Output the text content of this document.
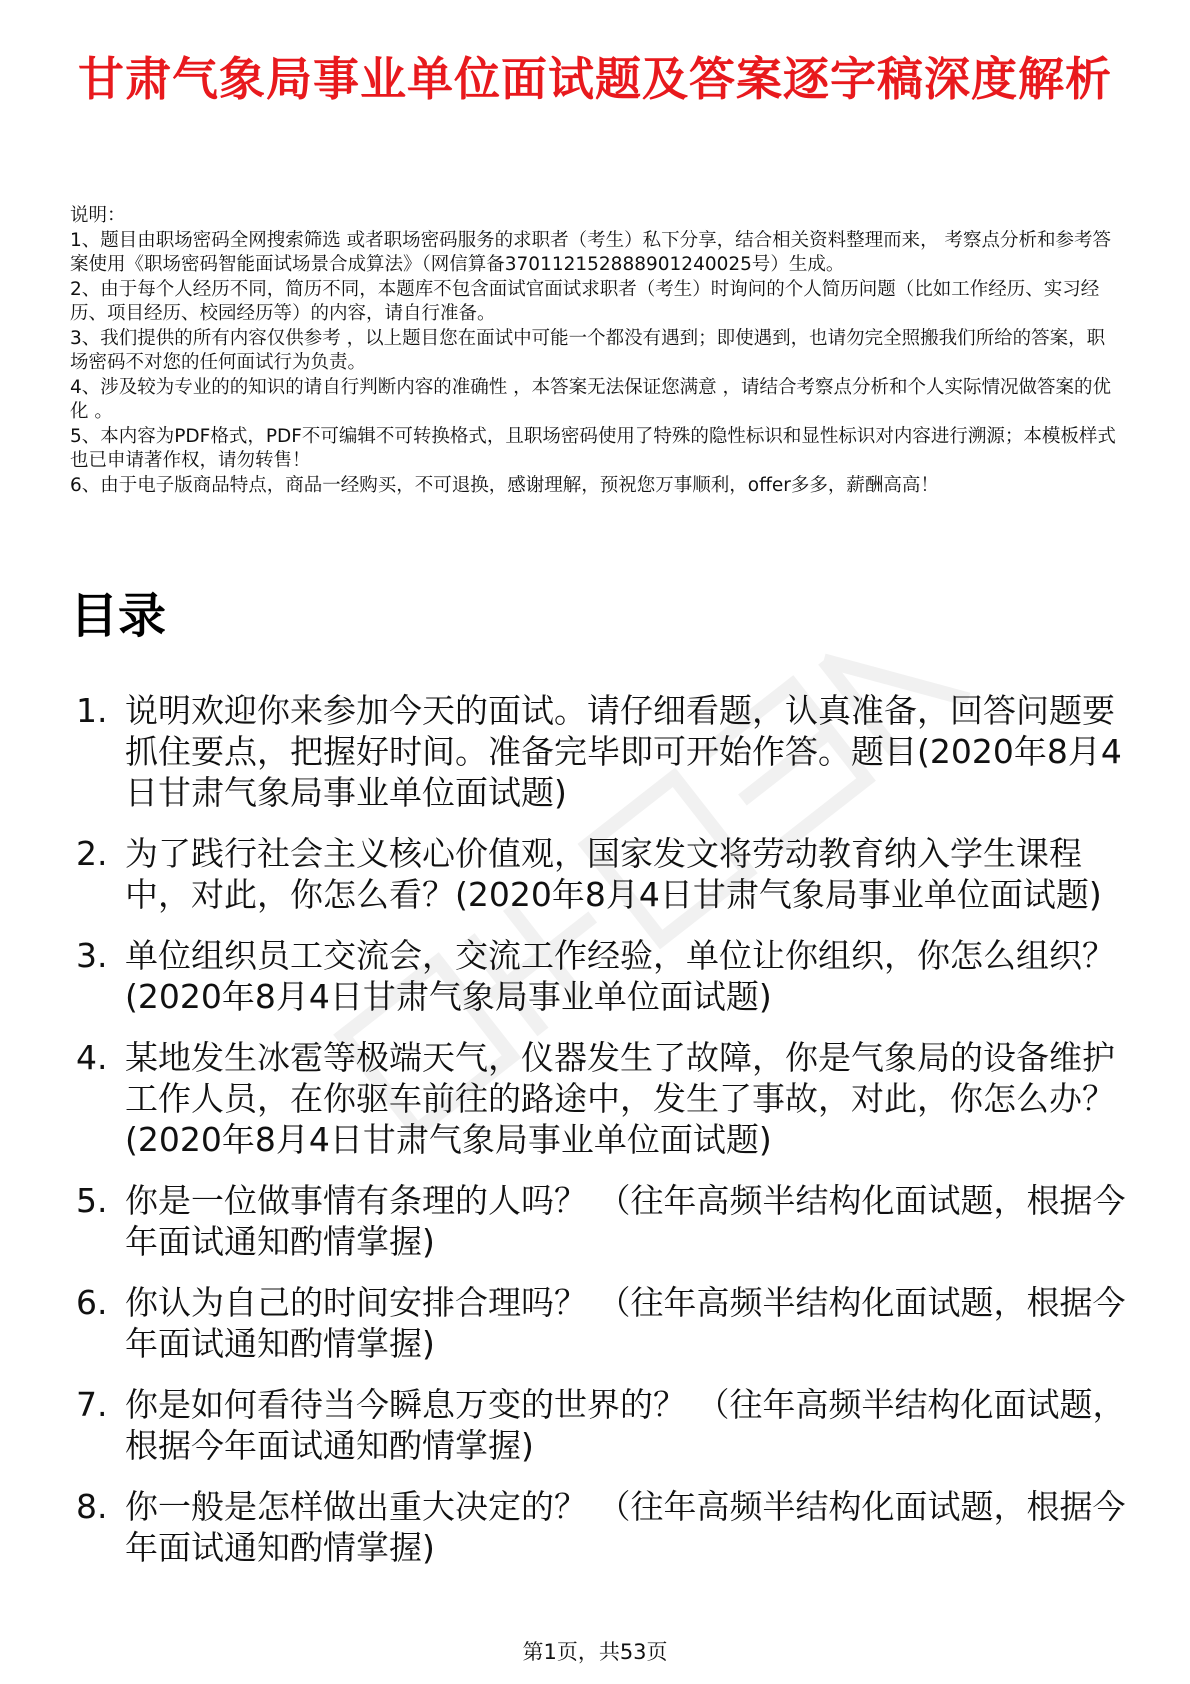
甘肃气象局事业单位面试题及答案逐字稿深度解析

说明：

1、题目由职场密码全网搜索筛选 或者职场密码服务的求职者（考生）私下分享，结合相关资料整理而来， 考察点分析和参考答案使用《职场密码智能面试场景合成算法》（网信算备370112152888901240025号）生成。

2、由于每个人经历不同，简历不同，本题库不包含面试官面试求职者（考生）时询问的个人简历问题（比如工作经历、实习经历、项目经历、校园经历等）的内容，请自行准备。

3、我们提供的所有内容仅供参考 ，以上题目您在面试中可能一个都没有遇到；即使遇到，也请勿完全照搬我们所给的答案，职场密码不对您的任何面试行为负责。

4、涉及较为专业的的知识的请自行判断内容的准确性 ，本答案无法保证您满意 ，请结合考察点分析和个人实际情况做答案的优化 。

5、本内容为PDF格式，PDF不可编辑不可转换格式，且职场密码使用了特殊的隐性标识和显性标识对内容进行溯源；本模板样式也已申请著作权，请勿转售！

6、由于电子版商品特点，商品一经购买，不可退换，感谢理解，预祝您万事顺利，offer多多，薪酬高高！

目录
1. 说明欢迎你来参加今天的面试。请仔细看题，认真准备，回答问题要抓住要点，把握好时间。准备完毕即可开始作答。题目(2020年8月4日甘肃气象局事业单位面试题)
2. 为了践行社会主义核心价值观，国家发文将劳动教育纳入学生课程中，对此，你怎么看？(2020年8月4日甘肃气象局事业单位面试题)
3. 单位组织员工交流会，交流工作经验，单位让你组织，你怎么组织？(2020年8月4日甘肃气象局事业单位面试题)
4. 某地发生冰雹等极端天气，仪器发生了故障，你是气象局的设备维护工作人员，在你驱车前往的路途中，发生了事故，对此，你怎么办？(2020年8月4日甘肃气象局事业单位面试题)
5. 你是一位做事情有条理的人吗？ （往年高频半结构化面试题，根据今年面试通知酌情掌握)
6. 你认为自己的时间安排合理吗？ （往年高频半结构化面试题，根据今年面试通知酌情掌握)
7. 你是如何看待当今瞬息万变的世界的？ （往年高频半结构化面试题，根据今年面试通知酌情掌握)
8. 你一般是怎样做出重大决定的？ （往年高频半结构化面试题，根据今年面试通知酌情掌握)
第1页，共53页
